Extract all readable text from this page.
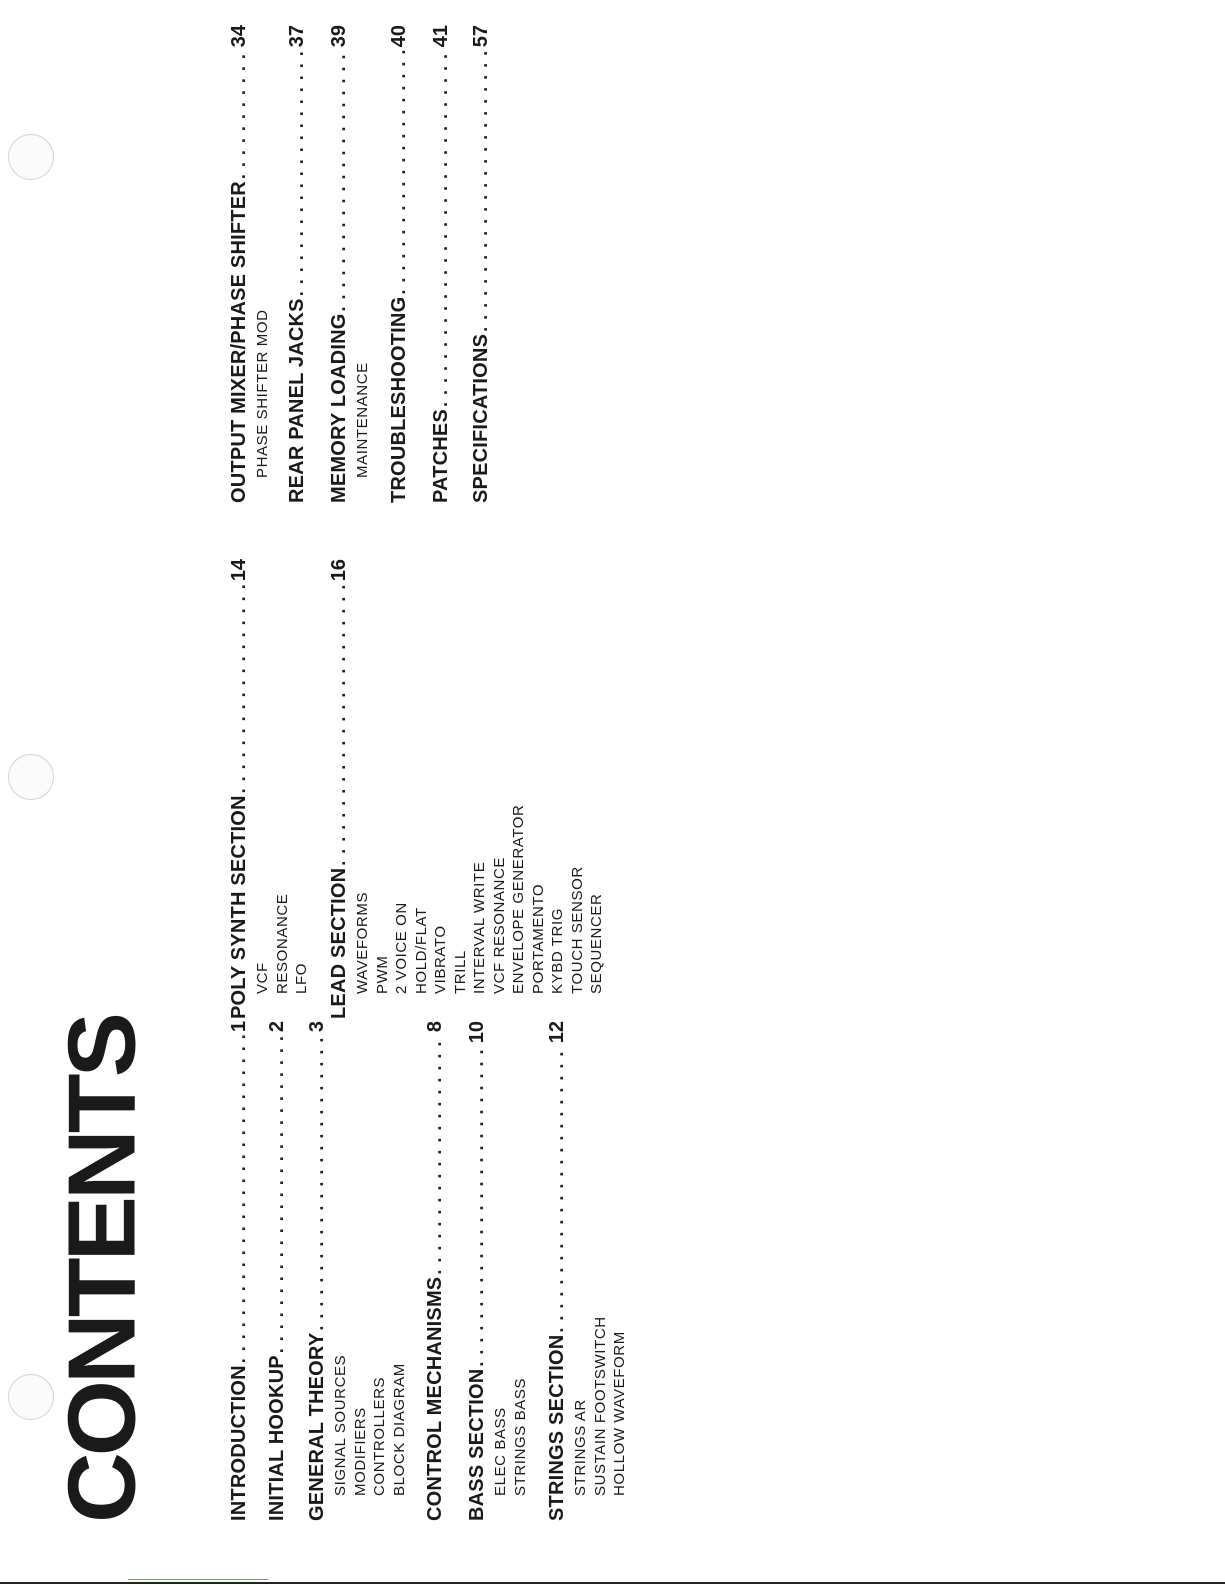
CONTENTS	INTRODUCTION
. . .
1
INITIAL HOOKUP
. . .
2
GENERAL THEORY
. . .
3
SIGNAL SOURCES MODIFIERS CONTROLLERS BLOCK DIAGRAM CONTROL MECHANISMS
. . .
8
BASS SECTION
. . .
10
ELEC BASS STRINGS BASS STRINGS SECTION
. . .
12
STRINGS AR SUSTAIN FOOTSWITCH HOLLOW WAVEFORM
POLY SYNTH SECTION
. . .
14
VCF RESONANCE LFO LEAD SECTION
. . .
16
WAVEFORMS PWM 2 VOICE ON HOLD/FLAT VIBRATO TRILL INTERVAL WRITE VCF RESONANCE ENVELOPE GENERATOR PORTAMENTO KYBD TRIG TOUCH SENSOR SEQUENCER
OUTPUT MIXER/PHASE SHIFTER
. . .
34
PHASE SHIFTER MOD REAR PANEL JACKS
. . .
37
MEMORY LOADING
. . .
39
MAINTENANCE TROUBLESHOOTING
. . .
40
PATCHES
. . .
41
SPECIFICATIONS
. . .
57
